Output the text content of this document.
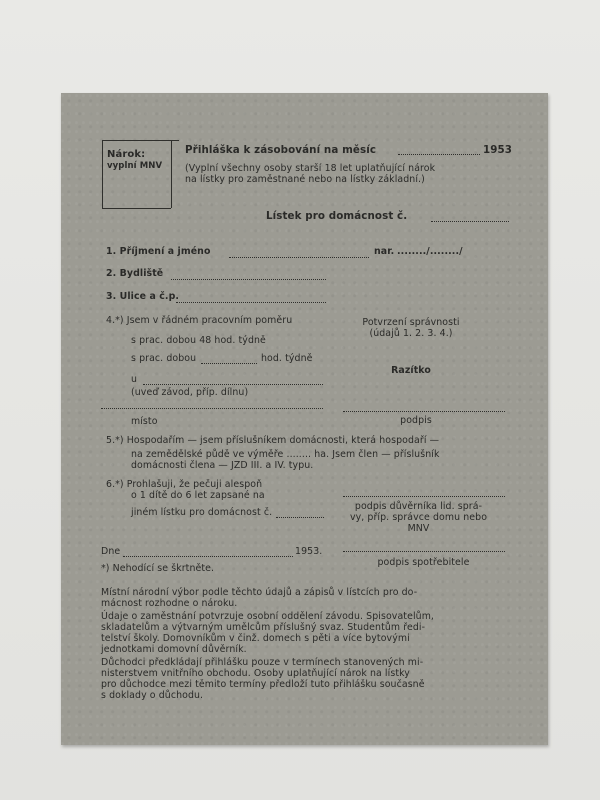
Nárok:
vyplní MNV
Přihláška k zásobování na měsíc	1953
(Vyplní všechny osoby starší 18 let uplatňující nárok
na lístky pro zaměstnané nebo na lístky základní.)
Lístek pro domácnost č.
1. Příjmení a jméno	nar. ......../......../
2. Bydliště
3. Ulice a č.p.
4.*) Jsem v řádném pracovním poměru
s prac. dobou 48 hod. týdně
s prac. dobou	hod. týdně
u
(uveď závod, příp. dílnu)
místo
Potvrzení správnosti
(údajů 1. 2. 3. 4.)
Razítko
podpis
5.*) Hospodařím — jsem příslušníkem domácnosti, která hospodaří —
na zemědělské půdě ve výměře ........ ha. Jsem člen — příslušník
domácnosti člena — JZD III. a IV. typu.
6.*) Prohlašuji, že pečuji alespoň
o 1 dítě do 6 let zapsané na
jiném lístku pro domácnost č.
podpis důvěrníka lid. sprá-
vy, příp. správce domu nebo
MNV
Dne	1953.
podpis spotřebitele
*) Nehodící se škrtněte.
Místní národní výbor podle těchto údajů a zápisů v lístcích pro do-
mácnost rozhodne o nároku.
Údaje o zaměstnání potvrzuje osobní oddělení závodu. Spisovatelům,
skladatelům a výtvarným umělcům příslušný svaz. Studentům ředi-
telství školy. Domovníkům v činž. domech s pěti a více bytovými
jednotkami domovní důvěrník.
Důchodci předkládají přihlášku pouze v termínech stanovených mi-
nisterstvem vnitřního obchodu. Osoby uplatňující nárok na lístky
pro důchodce mezi těmito termíny předloží tuto přihlášku současně
s doklady o důchodu.
